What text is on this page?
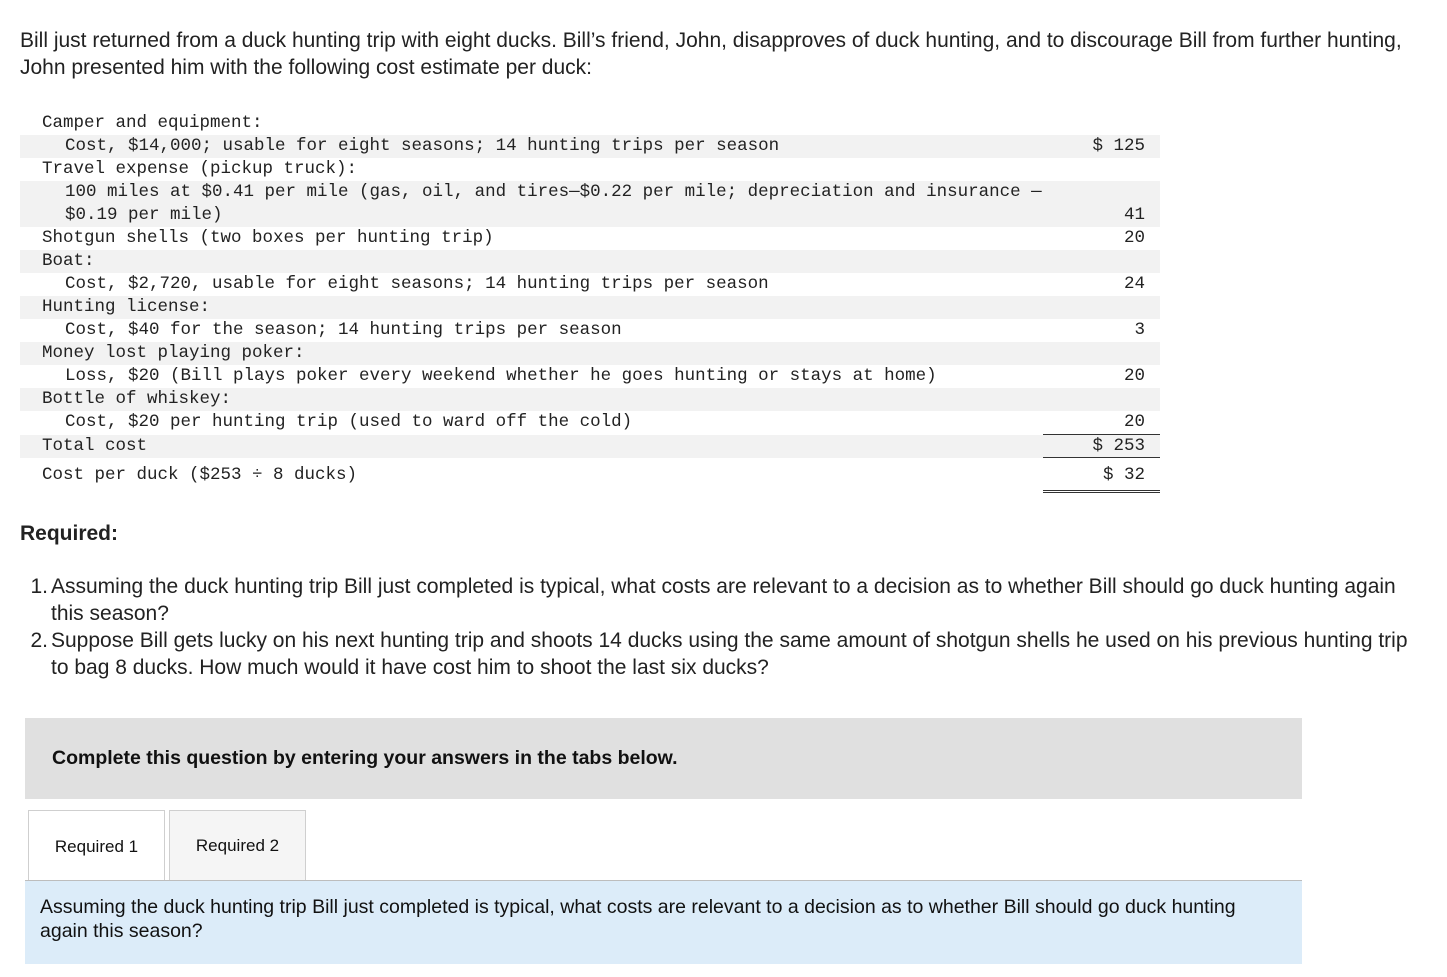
Bill just returned from a duck hunting trip with eight ducks. Bill’s friend, John, disapproves of duck hunting, and to discourage Bill from further hunting, John presented him with the following cost estimate per duck:

Camper and equipment:
Cost, $14,000; usable for eight seasons; 14 hunting trips per season	$ 125
Travel expense (pickup truck):
100 miles at $0.41 per mile (gas, oil, and tires—$0.22 per mile; depreciation and insurance —$0.19 per mile)	41
Shotgun shells (two boxes per hunting trip)	20
Boat:
Cost, $2,720, usable for eight seasons; 14 hunting trips per season	24
Hunting license:
Cost, $40 for the season; 14 hunting trips per season	3
Money lost playing poker:
Loss, $20 (Bill plays poker every weekend whether he goes hunting or stays at home)	20
Bottle of whiskey:
Cost, $20 per hunting trip (used to ward off the cold)	20
Total cost	$ 253
Cost per duck ($253 ÷ 8 ducks)	$ 32
Required:
1. Assuming the duck hunting trip Bill just completed is typical, what costs are relevant to a decision as to whether Bill should go duck hunting again this season?
2. Suppose Bill gets lucky on his next hunting trip and shoots 14 ducks using the same amount of shotgun shells he used on his previous hunting trip to bag 8 ducks. How much would it have cost him to shoot the last six ducks?
Complete this question by entering your answers in the tabs below.
Required 1	Required 2
Assuming the duck hunting trip Bill just completed is typical, what costs are relevant to a decision as to whether Bill should go duck hunting again this season?
